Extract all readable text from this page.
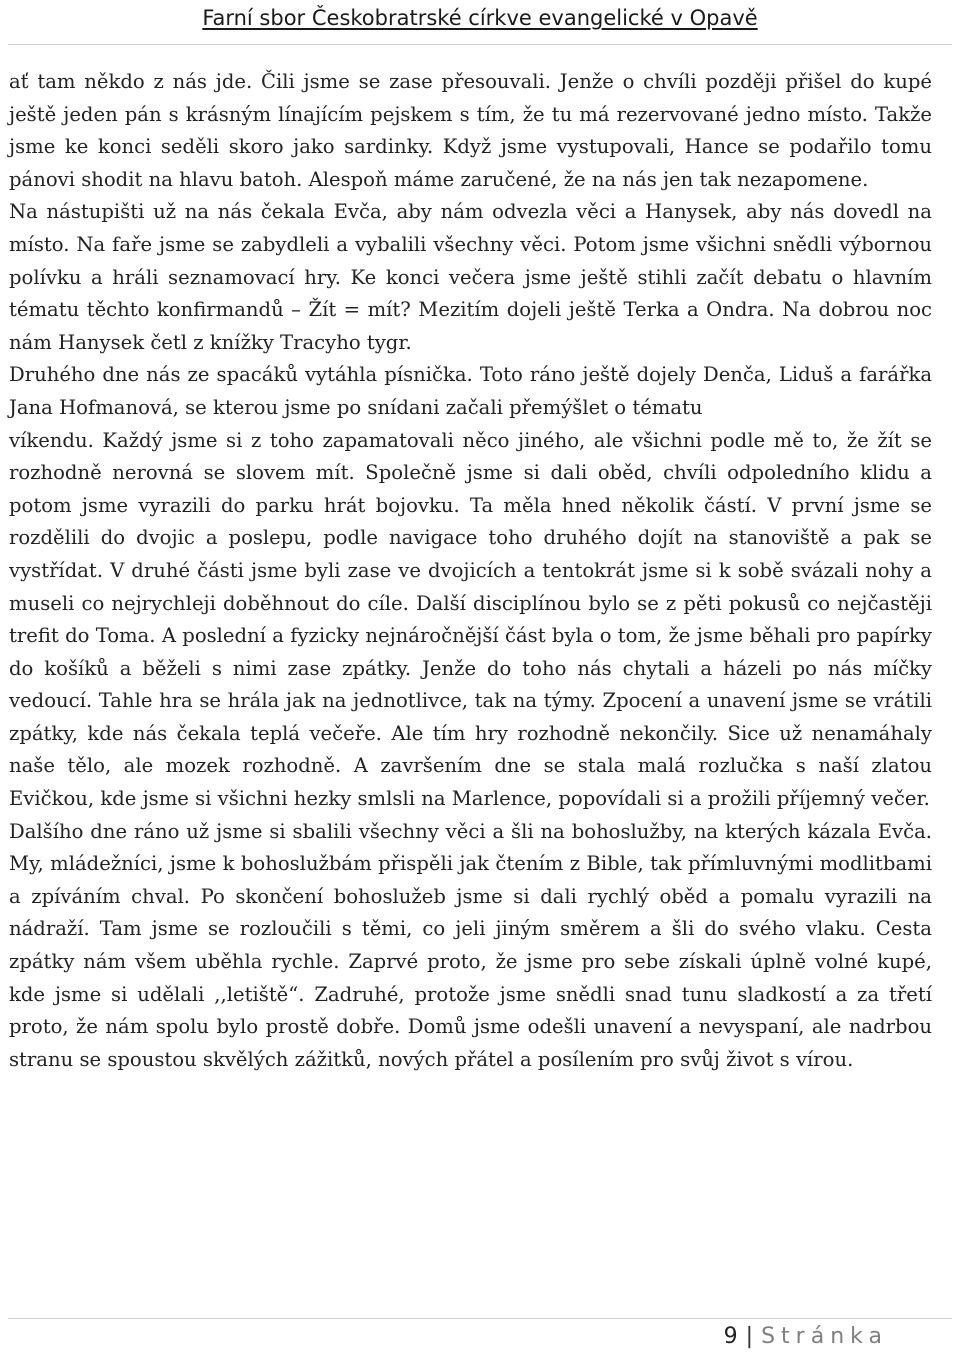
Farní sbor Českobratrské církve evangelické v Opavě

ať tam někdo z nás jde. Čili jsme se zase přesouvali. Jenže o chvíli později přišel do kupé ještě jeden pán s krásným línajícím pejskem s tím, že tu má rezervované jedno místo. Takže jsme ke konci seděli skoro jako sardinky. Když jsme vystupovali, Hance se podařilo tomu pánovi shodit na hlavu batoh. Alespoň máme zaručené, že na nás jen tak nezapomene.

Na nástupišti už na nás čekala Evča, aby nám odvezla věci a Hanysek, aby nás dovedl na místo. Na faře jsme se zabydleli a vybalili všechny věci. Potom jsme všichni snědli výbornou polívku a hráli seznamovací hry. Ke konci večera jsme ještě stihli začít debatu o hlavním tématu těchto konfirmandů – Žít = mít? Mezitím dojeli ještě Terka a Ondra. Na dobrou noc nám Hanysek četl z knížky Tracyho tygr.

Druhého dne nás ze spacáků vytáhla písnička. Toto ráno ještě dojely Denča, Liduš a farářka Jana Hofmanová, se kterou jsme po snídani začali přemýšlet o tématu

víkendu. Každý jsme si z toho zapamatovali něco jiného, ale všichni podle mě to, že žít se rozhodně nerovná se slovem mít. Společně jsme si dali oběd, chvíli odpoledního klidu a potom jsme vyrazili do parku hrát bojovku. Ta měla hned několik částí. V první jsme se rozdělili do dvojic a poslepu, podle navigace toho druhého dojít na stanoviště a pak se vystřídat. V druhé části jsme byli zase ve dvojicích a tentokrát jsme si k sobě svázali nohy a museli co nejrychleji doběhnout do cíle. Další disciplínou bylo se z pěti pokusů co nejčastěji trefit do Toma. A poslední a fyzicky nejnáročnější část byla o tom, že jsme běhali pro papírky do košíků a běželi s nimi zase zpátky. Jenže do toho nás chytali a házeli po nás míčky vedoucí. Tahle hra se hrála jak na jednotlivce, tak na týmy. Zpocení a unavení jsme se vrátili zpátky, kde nás čekala teplá večeře. Ale tím hry rozhodně nekončily. Sice už nenamáhaly naše tělo, ale mozek rozhodně. A završením dne se stala malá rozlučka s naší zlatou Evičkou, kde jsme si všichni hezky smlsli na Marlence, popovídali si a prožili příjemný večer.

Dalšího dne ráno už jsme si sbalili všechny věci a šli na bohoslužby, na kterých kázala Evča. My, mládežníci, jsme k bohoslužbám přispěli jak čtením z Bible, tak přímluvnými modlitbami a zpíváním chval. Po skončení bohoslužeb jsme si dali rychlý oběd a pomalu vyrazili na nádraží. Tam jsme se rozloučili s těmi, co jeli jiným směrem a šli do svého vlaku. Cesta zpátky nám všem uběhla rychle. Zaprvé proto, že jsme pro sebe získali úplně volné kupé, kde jsme si udělali ,,letiště“. Zadruhé, protože jsme snědli snad tunu sladkostí a za třetí proto, že nám spolu bylo prostě dobře. Domů jsme odešli unavení a nevyspaní, ale nadrbou stranu se spoustou skvělých zážitků, nových přátel a posílením pro svůj život s vírou.

9 | Stránka
